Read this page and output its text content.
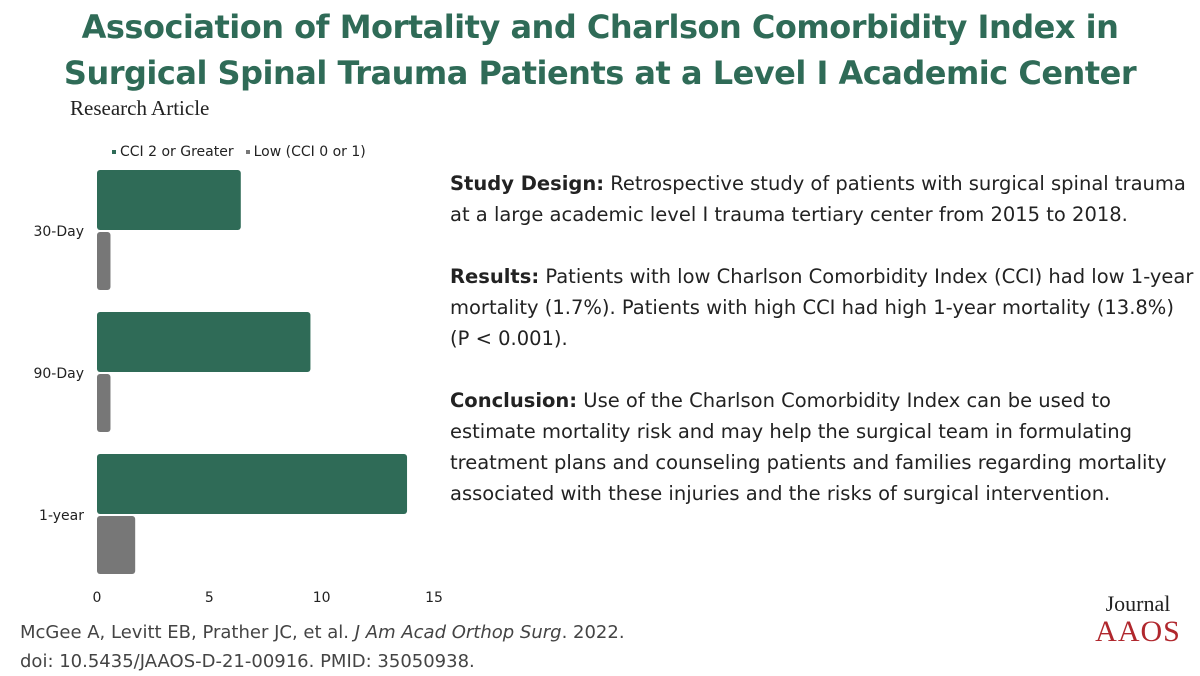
Association of Mortality and Charlson Comorbidity Index in
Surgical Spinal Trauma Patients at a Level I Academic Center
Research Article
CCI 2 or Greater Low (CCI 0 or 1)
30-Day
90-Day
1-year
0	5	10	15

Study Design: Retrospective study of patients with surgical spinal trauma at a large academic level I trauma tertiary center from 2015 to 2018.

Results: Patients with low Charlson Comorbidity Index (CCI) had low 1-year mortality (1.7%). Patients with high CCI had high 1-year mortality (13.8%) (P < 0.001).

Conclusion: Use of the Charlson Comorbidity Index can be used to estimate mortality risk and may help the surgical team in formulating treatment plans and counseling patients and families regarding mortality associated with these injuries and the risks of surgical intervention.

McGee A, Levitt EB, Prather JC, et al. J Am Acad Orthop Surg. 2022.
doi: 10.5435/JAAOS-D-21-00916. PMID: 35050938.
Journal
AAOS
